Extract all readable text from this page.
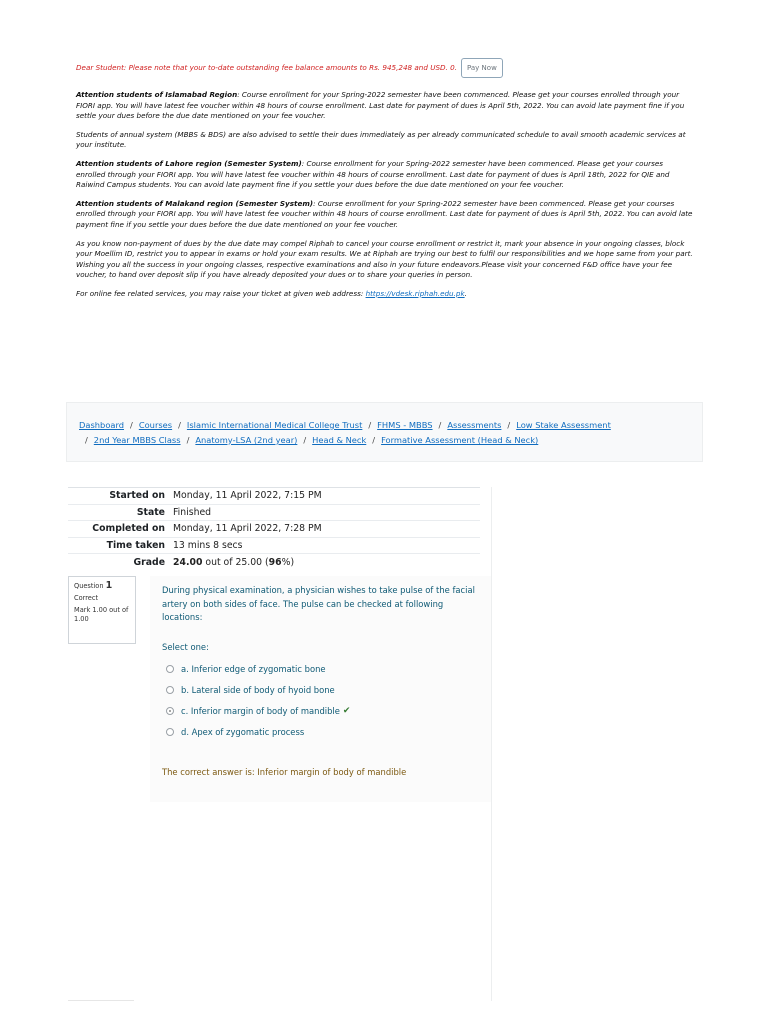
Dear Student: Please note that your to-date outstanding fee balance amounts to Rs. 945,248 and USD. 0.	Pay Now

Attention students of Islamabad Region: Course enrollment for your Spring-2022 semester have been commenced. Please get your courses enrolled through your FIORI app. You will have latest fee voucher within 48 hours of course enrollment. Last date for payment of dues is April 5th, 2022. You can avoid late payment fine if you settle your dues before the due date mentioned on your fee voucher.

Students of annual system (MBBS & BDS) are also advised to settle their dues immediately as per already communicated schedule to avail smooth academic services at your institute.

Attention students of Lahore region (Semester System): Course enrollment for your Spring-2022 semester have been commenced. Please get your courses enrolled through your FIORI app. You will have latest fee voucher within 48 hours of course enrollment. Last date for payment of dues is April 18th, 2022 for QIE and Raiwind Campus students. You can avoid late payment fine if you settle your dues before the due date mentioned on your fee voucher.

Attention students of Malakand region (Semester System): Course enrollment for your Spring-2022 semester have been commenced. Please get your courses enrolled through your FIORI app. You will have latest fee voucher within 48 hours of course enrollment. Last date for payment of dues is April 5th, 2022. You can avoid late payment fine if you settle your dues before the due date mentioned on your fee voucher.

As you know non-payment of dues by the due date may compel Riphah to cancel your course enrollment or restrict it, mark your absence in your ongoing classes, block your Moellim ID, restrict you to appear in exams or hold your exam results. We at Riphah are trying our best to fulfil our responsibilities and we hope same from your part. Wishing you all the success in your ongoing classes, respective examinations and also in your future endeavors.Please visit your concerned F&D office have your fee voucher, to hand over deposit slip if you have already deposited your dues or to share your queries in person.

For online fee related services, you may raise your ticket at given web address: https://vdesk.riphah.edu.pk.

Dashboard / Courses / Islamic International Medical College Trust / FHMS - MBBS / Assessments / Low Stake Assessment
/ 2nd Year MBBS Class / Anatomy-LSA (2nd year) / Head & Neck / Formative Assessment (Head & Neck)
Started on	Monday, 11 April 2022, 7:15 PM
State	Finished
Completed on	Monday, 11 April 2022, 7:28 PM
Time taken	13 mins 8 secs
Grade	24.00 out of 25.00 (96%)
Question 1
Correct
Mark 1.00 out of 1.00
During physical examination, a physician wishes to take pulse of the facial artery on both sides of face. The pulse can be checked at following locations:
Select one:
a. Inferior edge of zygomatic bone
b. Lateral side of body of hyoid bone
c. Inferior margin of body of mandible ✔
d. Apex of zygomatic process
The correct answer is: Inferior margin of body of mandible
